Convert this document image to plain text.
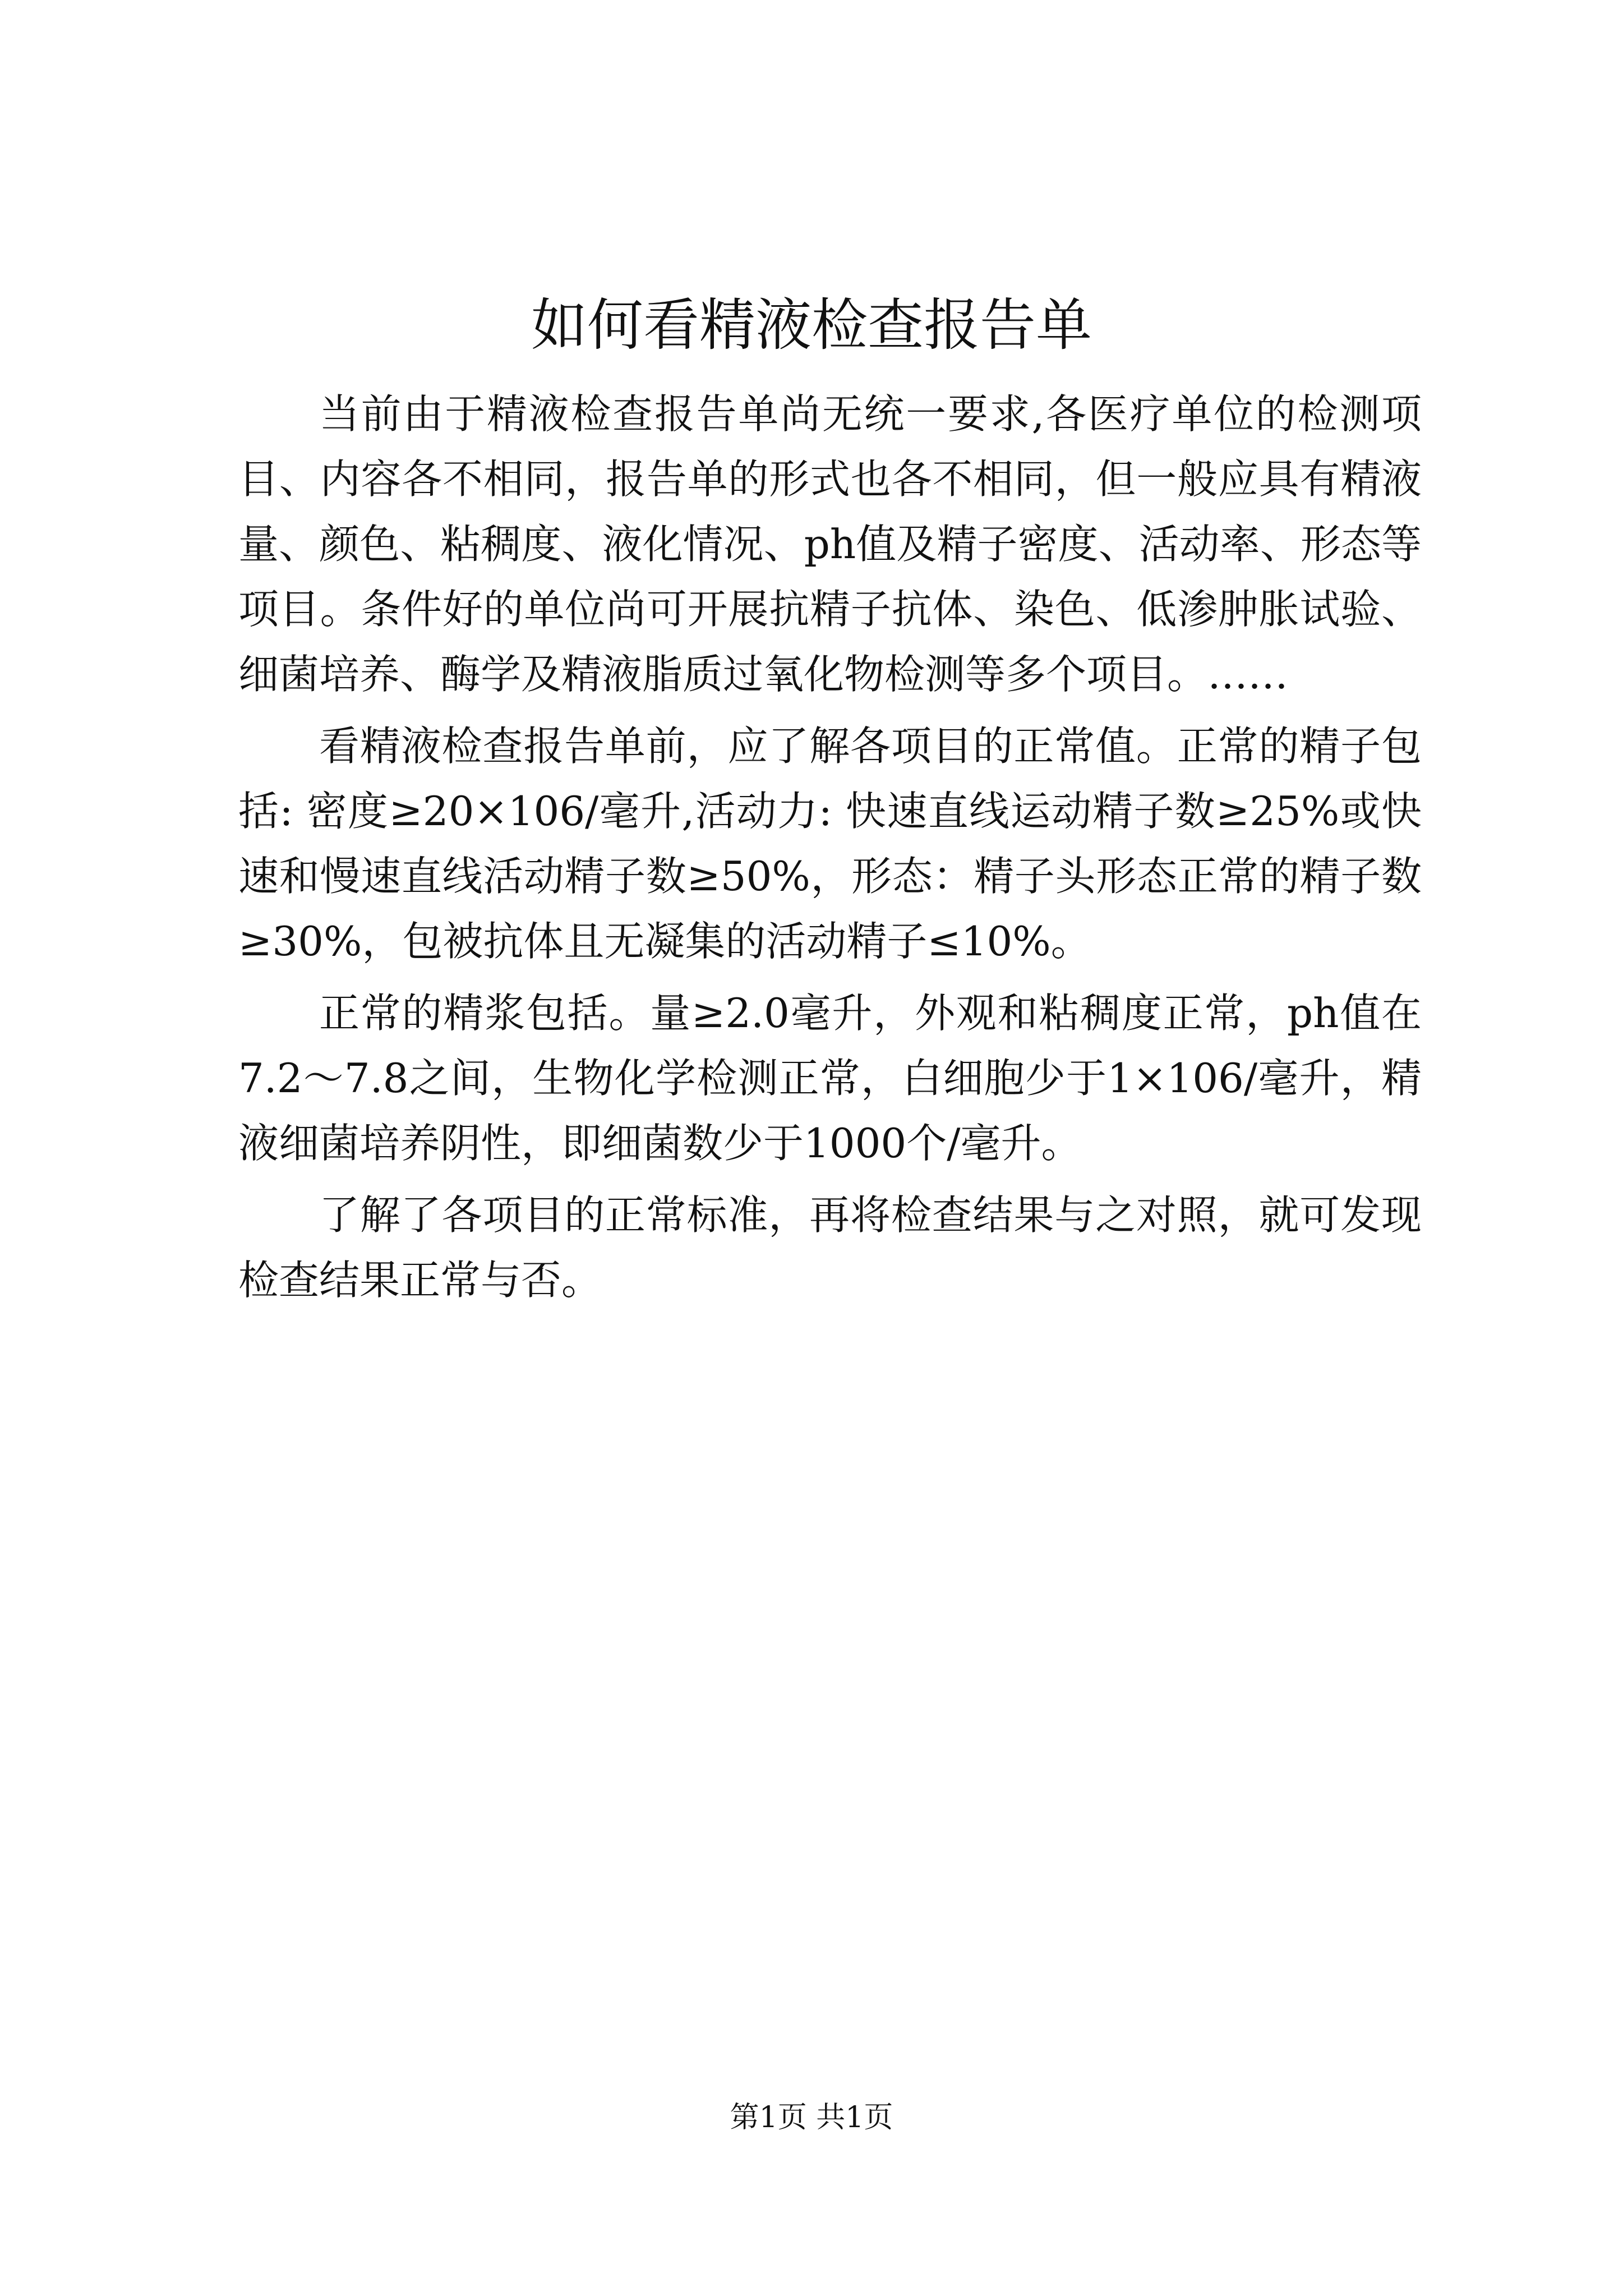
如何看精液检查报告单

当前由于精液检查报告单尚无统一要求,各医疗单位的检测项目、内容各不相同，报告单的形式也各不相同，但一般应具有精液量、颜色、粘稠度、液化情况、ph值及精子密度、活动率、形态等项目。条件好的单位尚可开展抗精子抗体、染色、低渗肿胀试验、细菌培养、酶学及精液脂质过氧化物检测等多个项目。……

看精液检查报告单前，应了解各项目的正常值。正常的精子包括: 密度≥20×106/毫升,活动力: 快速直线运动精子数≥25%或快速和慢速直线活动精子数≥50%，形态：精子头形态正常的精子数≥30%，包被抗体且无凝集的活动精子≤10%。

正常的精浆包括。量≥2.0毫升，外观和粘稠度正常，ph值在7.2～7.8之间，生物化学检测正常，白细胞少于1×106/毫升，精液细菌培养阴性，即细菌数少于1000个/毫升。

了解了各项目的正常标准，再将检查结果与之对照，就可发现检查结果正常与否。

第1页 共1页
